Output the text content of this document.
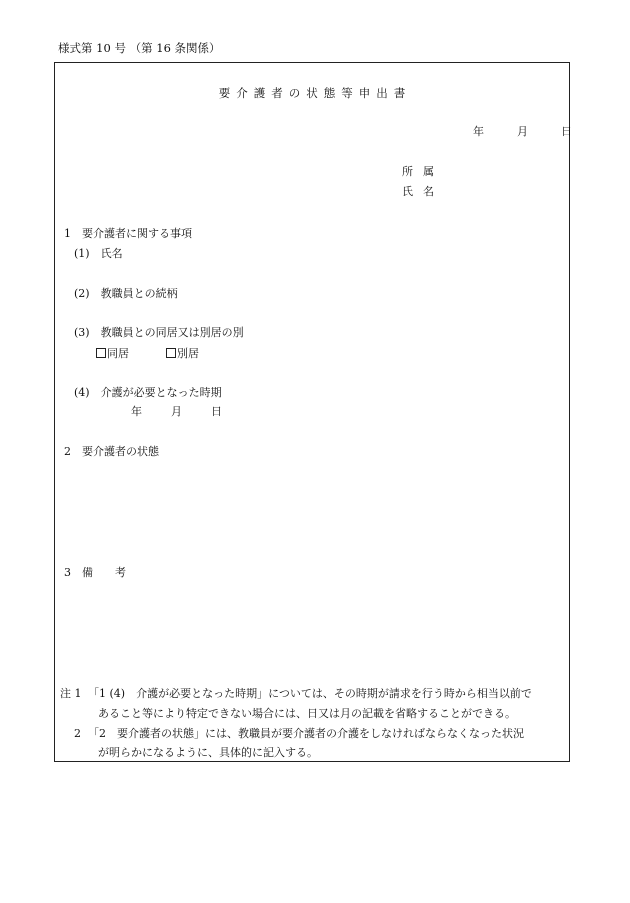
様式第 10 号 （第 16 条関係）
要介護者の状態等申出書
年	月	日
所属
氏名
1　要介護者に関する事項
(1)　氏名
(2)　教職員との続柄
(3)　教職員との同居又は別居の別
同居	別居
(4)　介護が必要となった時期
年	月	日
2　要介護者の状態
3　備　　考
注 1 「1 (4)　介護が必要となった時期」については、その時期が請求を行う時から相当以前で
あること等により特定できない場合には、日又は月の記載を省略することができる。
2 「2　要介護者の状態」には、教職員が要介護者の介護をしなければならなくなった状況
が明らかになるように、具体的に記入する。
